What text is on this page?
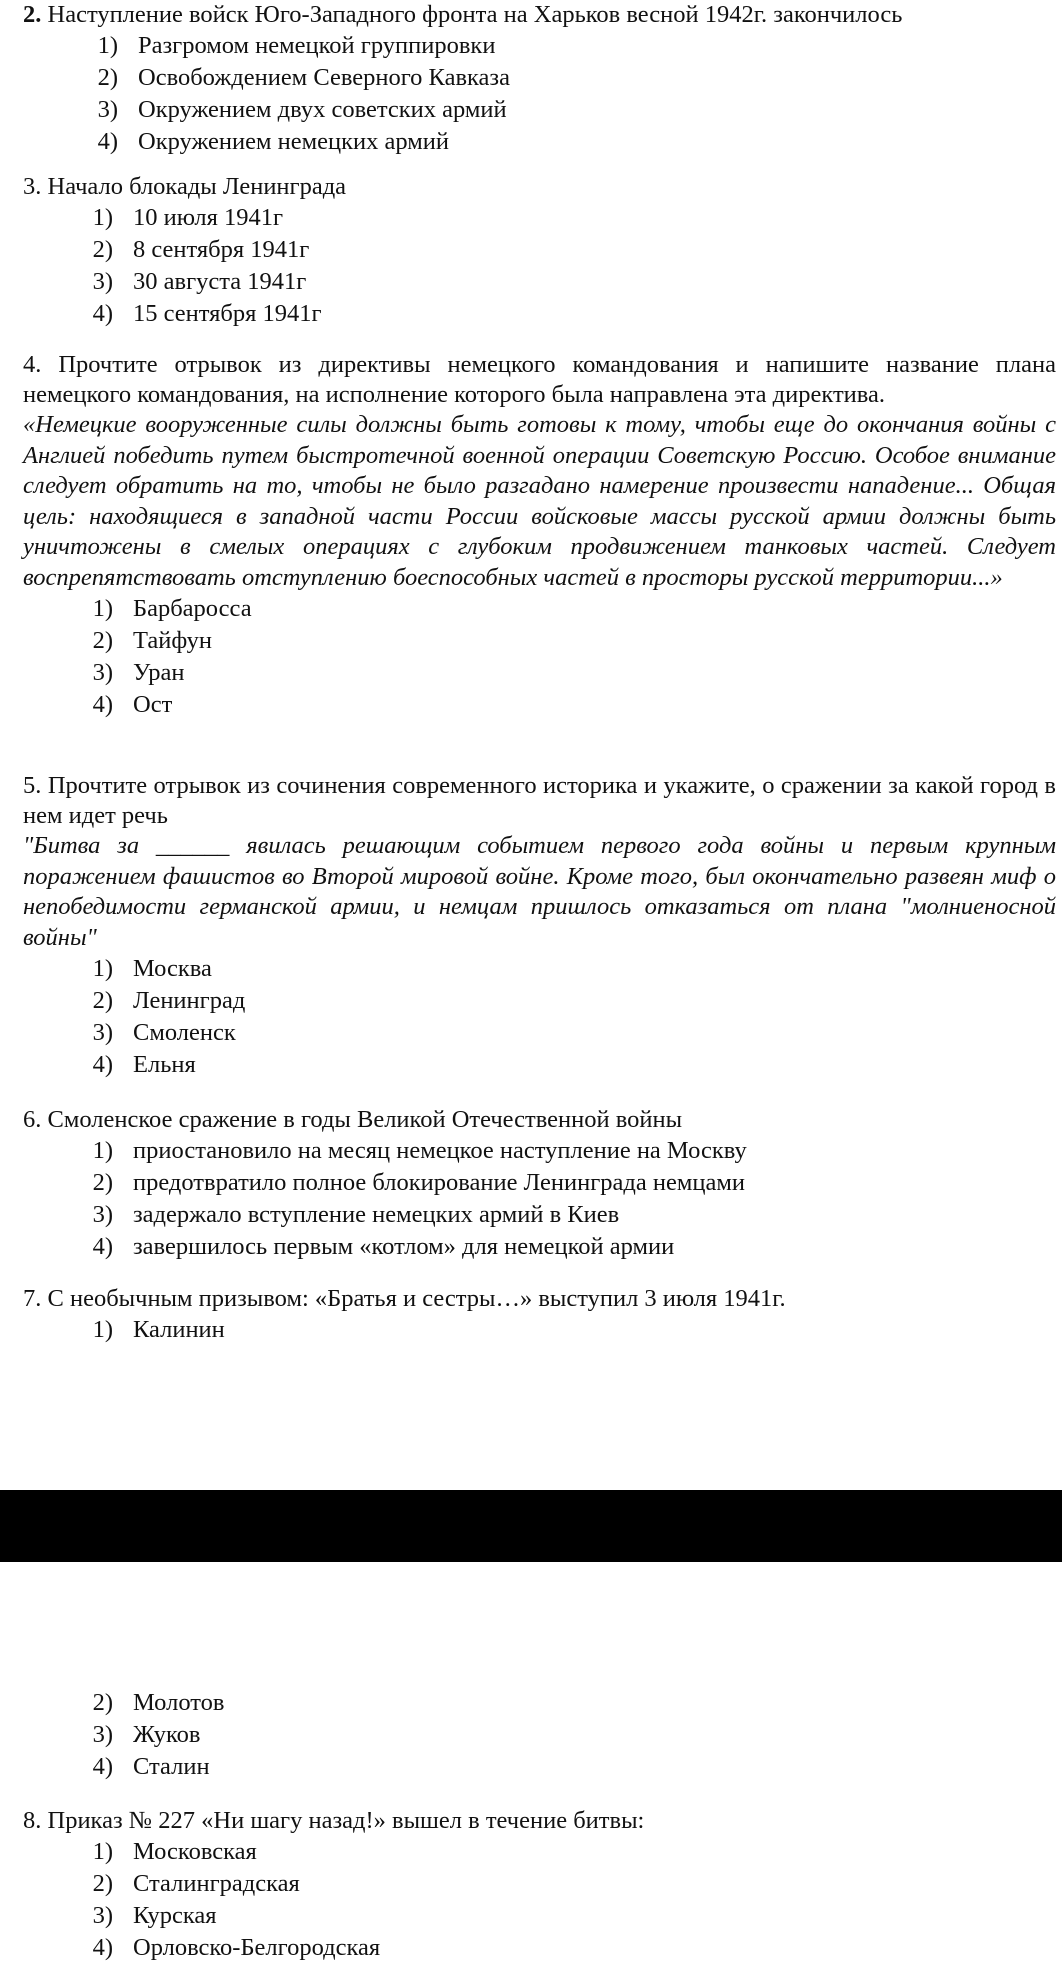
2. Наступление войск Юго-Западного фронта на Харьков весной 1942г. закончилось

1) Разгромом немецкой группировки
2) Освобождением Северного Кавказа
3) Окружением двух советских армий
4) Окружением немецких армий

3. Начало блокады Ленинграда

1) 10 июля 1941г
2) 8 сентября 1941г
3) 30 августа 1941г
4) 15 сентября 1941г

4. Прочтите отрывок из директивы немецкого командования и напишите название плана немецкого командования, на исполнение которого была направлена эта директива.

«Немецкие вооруженные силы должны быть готовы к тому, чтобы еще до окончания войны с Англией победить путем быстротечной военной операции Советскую Россию. Особое внимание следует обратить на то, чтобы не было разгадано намерение произвести нападение... Общая цель: находящиеся в западной части России войсковые массы русской армии должны быть уничтожены в смелых операциях с глубоким продвижением танковых частей. Следует воспрепятствовать отступлению боеспособных частей в просторы русской территории...»

1) Барбаросса
2) Тайфун
3) Уран
4) Ост

5. Прочтите отрывок из сочинения современного историка и укажите, о сражении за какой город в нем идет речь

"Битва за ______ явилась решающим событием первого года войны и первым крупным поражением фашистов во Второй мировой войне. Кроме того, был окончательно развеян миф о непобедимости германской армии, и немцам пришлось отказаться от плана "молниеносной войны"

1) Москва
2) Ленинград
3) Смоленск
4) Ельня

6. Смоленское сражение в годы Великой Отечественной войны

1) приостановило на месяц немецкое наступление на Москву
2) предотвратило полное блокирование Ленинграда немцами
3) задержало вступление немецких армий в Киев
4) завершилось первым «котлом» для немецкой армии

7. С необычным призывом: «Братья и сестры…» выступил 3 июля 1941г.

1) Калинин
2) Молотов
3) Жуков
4) Сталин

8. Приказ № 227 «Ни шагу назад!» вышел в течение битвы:

1) Московская
2) Сталинградская
3) Курская
4) Орловско-Белгородская
